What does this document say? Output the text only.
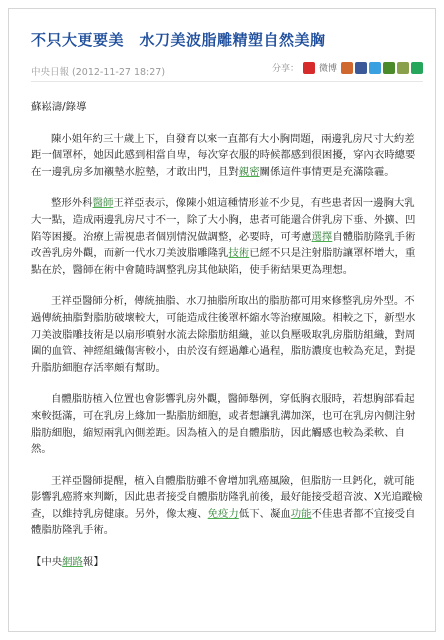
不只大更要美　水刀美波脂雕精塑自然美胸
中央日報 (2012-11-27 18:27)	分享： 微博

蘇崧濤/錄導

陳小姐年約三十歲上下，自發育以來一直都有大小胸問題，兩邊乳房尺寸大約差距一個罩杯，她因此感到相當自卑，每次穿衣服的時候都感到很困擾，穿內衣時總要在一邊乳房多加襯墊水腔墊，才敢出門，且對親密關係這件事情更是充滿陰霾。

整形外科醫師王祥亞表示，像陳小姐這種情形並不少見，有些患者因一邊胸大乳大一點，造成兩邊乳房尺寸不一，除了大小胸，患者可能還合併乳房下垂、外擴、凹陷等困擾。治療上需視患者個別情況做調整，必要時，可考慮選擇自體脂肪隆乳手術改善乳房外觀，而新一代水刀美波脂雕隆乳技術已經不只是注射脂肪讓罩杯增大，重點在於，醫師在術中會隨時調整乳房其他缺陷，使手術結果更為理想。

王祥亞醫師分析，傳統抽脂、水刀抽脂所取出的脂肪都可用來修整乳房外型。不過傳統抽脂對脂肪破壞較大，可能造成往後罩杯縮水等治療風險。相較之下，新型水刀美波脂雕技術是以扇形噴射水流去除脂肪組織，並以負壓吸取乳房脂肪組織，對周圍的血管、神經組織傷害較小，由於沒有經過離心過程，脂肪濃度也較為充足，對提升脂肪細胞存活率頗有幫助。

自體脂肪植入位置也會影響乳房外觀，醫師舉例，穿低胸衣服時，若想胸部看起來較挺滿，可在乳房上緣加一點脂肪細胞，或者想讓乳溝加深，也可在乳房內側注射脂肪細胞，縮短兩乳內側差距。因為植入的是自體脂肪，因此觸感也較為柔軟、自然。

王祥亞醫師提醒，植入自體脂肪雖不會增加乳癌風險，但脂肪一旦鈣化，就可能影響乳癌將來判斷，因此患者接受自體脂肪隆乳前後，最好能接受超音波、X光追蹤檢查，以維持乳房健康。另外，像太瘦、免疫力低下、凝血功能不佳患者都不宜接受自體脂肪隆乳手術。

【中央網路報】
